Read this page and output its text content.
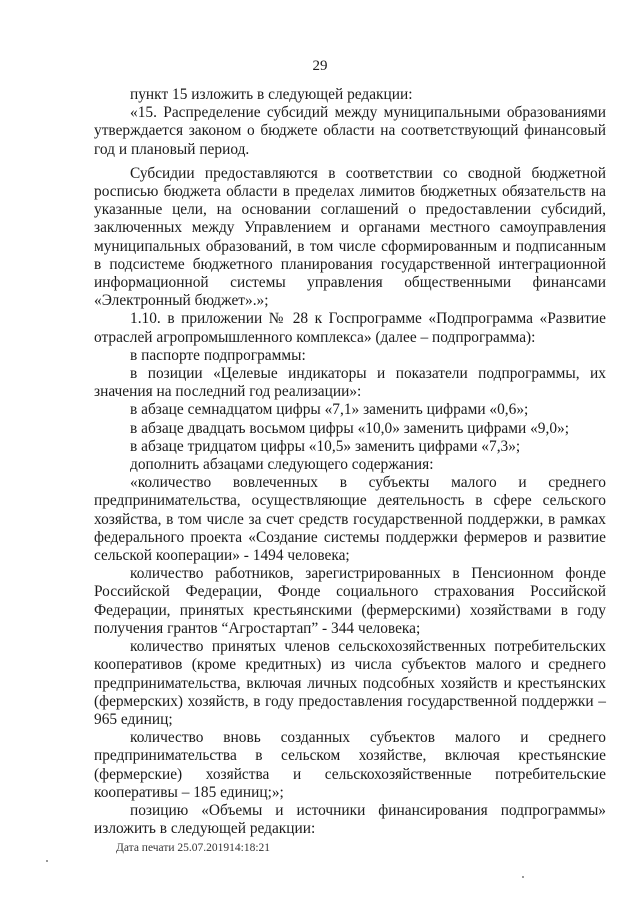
29

пункт 15 изложить в следующей редакции:

«15. Распределение субсидий между муниципальными образованиями утверждается законом о бюджете области на соответствующий финансовый год и плановый период.

Субсидии предоставляются в соответствии со сводной бюджетной росписью бюджета области в пределах лимитов бюджетных обязательств на указанные цели, на основании соглашений о предоставлении субсидий, заключенных между Управлением и органами местного самоуправления муниципальных образований, в том числе сформированным и подписанным в подсистеме бюджетного планирования государственной интеграционной информационной системы управления общественными финансами «Электронный бюджет».»;

1.10. в приложении № 28 к Госпрограмме «Подпрограмма «Развитие отраслей агропромышленного комплекса» (далее – подпрограмма):

в паспорте подпрограммы:

в позиции «Целевые индикаторы и показатели подпрограммы, их значения на последний год реализации»:

в абзаце семнадцатом цифры «7,1» заменить цифрами «0,6»;

в абзаце двадцать восьмом цифры «10,0» заменить цифрами «9,0»;

в абзаце тридцатом цифры «10,5» заменить цифрами «7,3»;

дополнить абзацами следующего содержания:

«количество вовлеченных в субъекты малого и среднего предпринимательства, осуществляющие деятельность в сфере сельского хозяйства, в том числе за счет средств государственной поддержки, в рамках федерального проекта «Создание системы поддержки фермеров и развитие сельской кооперации» - 1494 человека;

количество работников, зарегистрированных в Пенсионном фонде Российской Федерации, Фонде социального страхования Российской Федерации, принятых крестьянскими (фермерскими) хозяйствами в году получения грантов “Агростартап” - 344 человека;

количество принятых членов сельскохозяйственных потребительских кооперативов (кроме кредитных) из числа субъектов малого и среднего предпринимательства, включая личных подсобных хозяйств и крестьянских (фермерских) хозяйств, в году предоставления государственной поддержки – 965 единиц;

количество вновь созданных субъектов малого и среднего предпринимательства в сельском хозяйстве, включая крестьянские (фермерские) хозяйства и сельскохозяйственные потребительские кооперативы – 185 единиц;»;

позицию «Объемы и источники финансирования подпрограммы» изложить в следующей редакции:

Дата печати 25.07.201914:18:21
